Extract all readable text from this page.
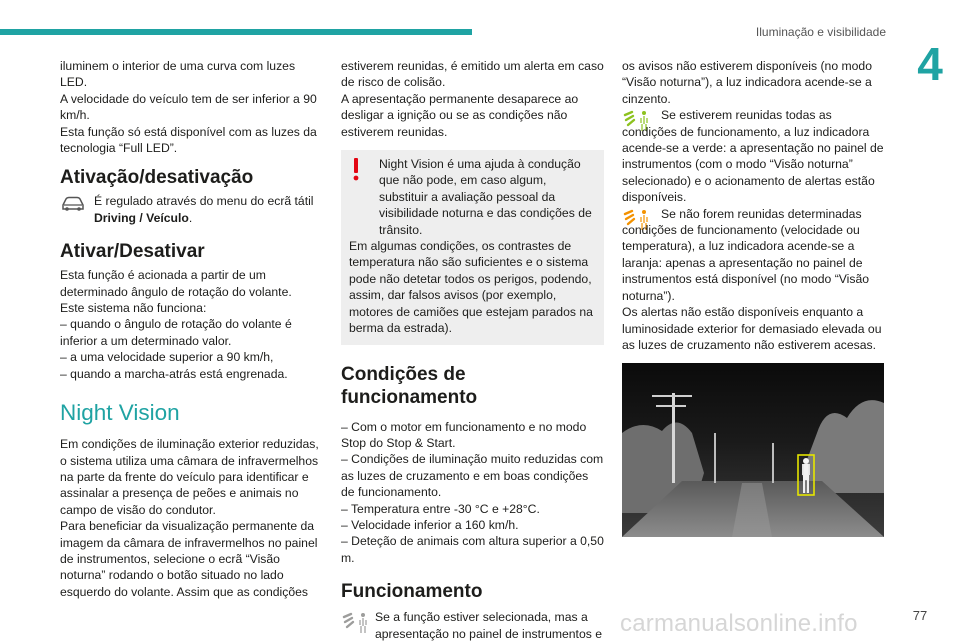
Iluminação e visibilidade
4

iluminem o interior de uma curva com luzes LED.

A velocidade do veículo tem de ser inferior a 90 km/h.

Esta função só está disponível com as luzes da tecnologia “Full LED”.

Ativação/desativação
É regulado através do menu do ecrã tátil Driving / Veículo.
Ativar/Desativar

Esta função é acionada a partir de um determinado ângulo de rotação do volante.

Este sistema não funciona:

– quando o ângulo de rotação do volante é inferior a um determinado valor.

– a uma velocidade superior a 90 km/h,

– quando a marcha-atrás está engrenada.

Night Vision

Em condições de iluminação exterior reduzidas, o sistema utiliza uma câmara de infravermelhos na parte da frente do veículo para identificar e assinalar a presença de peões e animais no campo de visão do condutor.

Para beneficiar da visualização permanente da imagem da câmara de infravermelhos no painel de instrumentos, selecione o ecrã “Visão noturna” rodando o botão situado no lado esquerdo do volante. Assim que as condições

estiverem reunidas, é emitido um alerta em caso de risco de colisão.

A apresentação permanente desaparece ao desligar a ignição ou se as condições não estiverem reunidas.

Night Vision é uma ajuda à condução que não pode, em caso algum, substituir a avaliação pessoal da visibilidade noturna e das condições de trânsito.

Em algumas condições, os contrastes de temperatura não são suficientes e o sistema pode não detetar todos os perigos, podendo, assim, dar falsos avisos (por exemplo, motores de camiões que estejam parados na berma da estrada).

Condições de funcionamento

– Com o motor em funcionamento e no modo Stop do Stop & Start.

– Condições de iluminação muito reduzidas com as luzes de cruzamento e em boas condições de funcionamento.

– Temperatura entre -30 °C e +28°C.

– Velocidade inferior a 160 km/h.

– Deteção de animais com altura superior a 0,50 m.

Funcionamento

Se a função estiver selecionada, mas a apresentação no painel de instrumentos e

os avisos não estiverem disponíveis (no modo “Visão noturna”), a luz indicadora acende-se a cinzento.

Se estiverem reunidas todas as condições de funcionamento, a luz indicadora acende-se a verde: a apresentação no painel de instrumentos (com o modo “Visão noturna” selecionado) e o acionamento de alertas estão disponíveis.

Se não forem reunidas determinadas condições de funcionamento (velocidade ou temperatura), a luz indicadora acende-se a laranja: apenas a apresentação no painel de instrumentos está disponível (no modo “Visão noturna”).

Os alertas não estão disponíveis enquanto a luminosidade exterior for demasiado elevada ou as luzes de cruzamento não estiverem acesas.

carmanualsonline.info	77
